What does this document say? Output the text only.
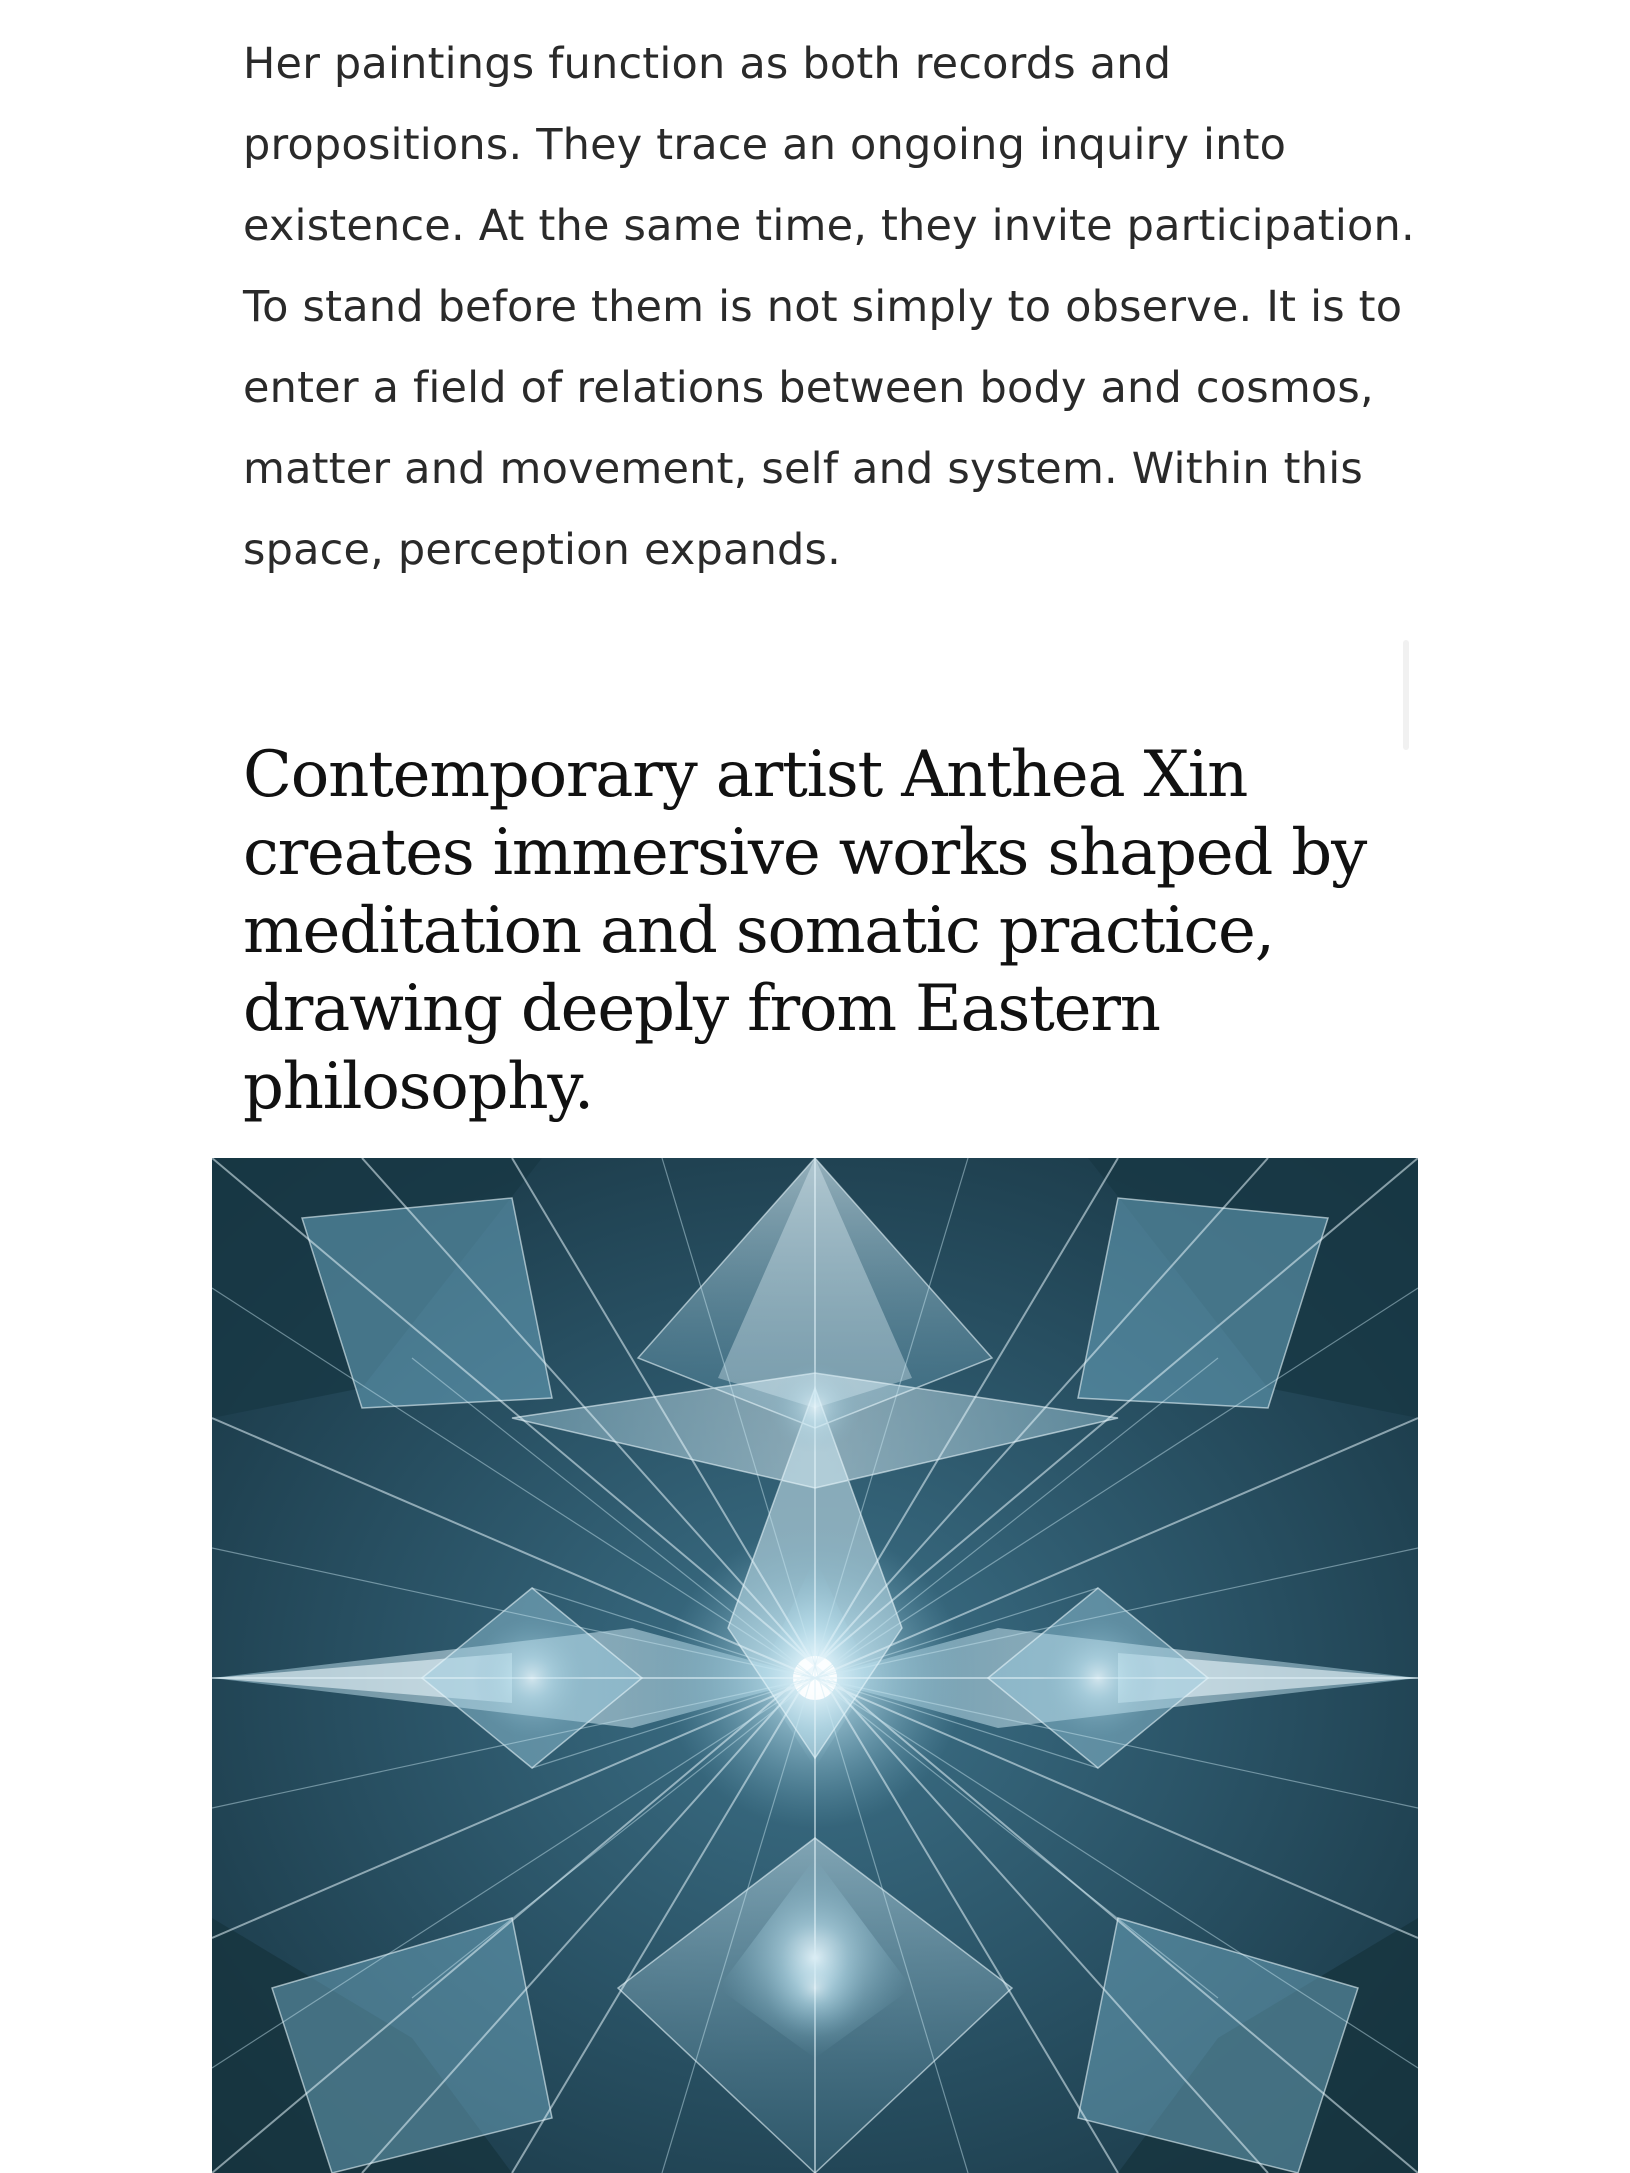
Her paintings function as both records and propositions. They trace an ongoing inquiry into existence. At the same time, they invite participation. To stand before them is not simply to observe. It is to enter a field of relations between body and cosmos, matter and movement, self and system. Within this space, perception expands.

Contemporary artist Anthea Xin creates immersive works shaped by meditation and somatic practice, drawing deeply from Eastern philosophy.
